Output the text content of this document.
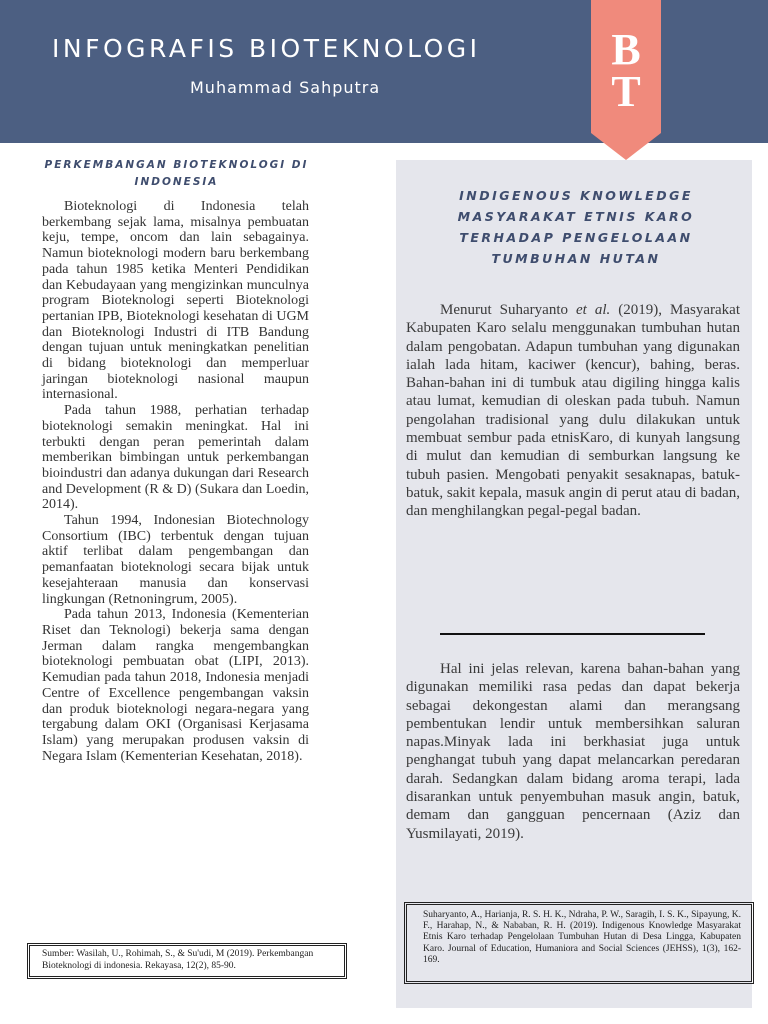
INFOGRAFIS BIOTEKNOLOGI
Muhammad Sahputra
B
T
PERKEMBANGAN BIOTEKNOLOGI DI INDONESIA

Bioteknologi di Indonesia telah berkembang sejak lama, misalnya pembuatan keju, tempe, oncom dan lain sebagainya. Namun bioteknologi modern baru berkembang pada tahun 1985 ketika Menteri Pendidikan dan Kebudayaan yang mengizinkan munculnya program Bioteknologi seperti Bioteknologi pertanian IPB, Bioteknologi kesehatan di UGM dan Bioteknologi Industri di ITB Bandung dengan tujuan untuk meningkatkan penelitian di bidang bioteknologi dan memperluar jaringan bioteknologi nasional maupun internasional.

Pada tahun 1988, perhatian terhadap bioteknologi semakin meningkat. Hal ini terbukti dengan peran pemerintah dalam memberikan bimbingan untuk perkembangan bioindustri dan adanya dukungan dari Research and Development (R & D) (Sukara dan Loedin, 2014).

Tahun 1994, Indonesian Biotechnology Consortium (IBC) terbentuk dengan tujuan aktif terlibat dalam pengembangan dan pemanfaatan bioteknologi secara bijak untuk kesejahteraan manusia dan konservasi lingkungan (Retnoningrum, 2005).

Pada tahun 2013, Indonesia (Kementerian Riset dan Teknologi) bekerja sama dengan Jerman dalam rangka mengembangkan bioteknologi pembuatan obat (LIPI, 2013). Kemudian pada tahun 2018, Indonesia menjadi Centre of Excellence pengembangan vaksin dan produk bioteknologi negara-negara yang tergabung dalam OKI (Organisasi Kerjasama Islam) yang merupakan produsen vaksin di Negara Islam (Kementerian Kesehatan, 2018).

Sumber: Wasilah, U., Rohimah, S., & Su'udi, M (2019). Perkembangan Bioteknologi di indonesia. Rekayasa, 12(2), 85-90.
INDIGENOUS KNOWLEDGE
MASYARAKAT ETNIS KARO
TERHADAP PENGELOLAAN
TUMBUHAN HUTAN

Menurut Suharyanto et al. (2019), Masyarakat Kabupaten Karo selalu menggunakan tumbuhan hutan dalam pengobatan. Adapun tumbuhan yang digunakan ialah lada hitam, kaciwer (kencur), bahing, beras. Bahan-bahan ini di tumbuk atau digiling hingga kalis atau lumat, kemudian di oleskan pada tubuh. Namun pengolahan tradisional yang dulu dilakukan untuk membuat sembur pada etnisKaro, di kunyah langsung di mulut dan kemudian di semburkan langsung ke tubuh pasien. Mengobati penyakit sesaknapas, batuk-batuk, sakit kepala, masuk angin di perut atau di badan, dan menghilangkan pegal-pegal badan.

Hal ini jelas relevan, karena bahan-bahan yang digunakan memiliki rasa pedas dan dapat bekerja sebagai dekongestan alami dan merangsang pembentukan lendir untuk membersihkan saluran napas.Minyak lada ini berkhasiat juga untuk penghangat tubuh yang dapat melancarkan peredaran darah. Sedangkan dalam bidang aroma terapi, lada disarankan untuk penyembuhan masuk angin, batuk, demam dan gangguan pencernaan (Aziz dan Yusmilayati, 2019).

Suharyanto, A., Harianja, R. S. H. K., Ndraha, P. W., Saragih, I. S. K., Sipayung, K. F., Harahap, N., & Nababan, R. H. (2019). Indigenous Knowledge Masyarakat Etnis Karo terhadap Pengelolaan Tumbuhan Hutan di Desa Lingga, Kabupaten Karo. Journal of Education, Humaniora and Social Sciences (JEHSS), 1(3), 162-169.
